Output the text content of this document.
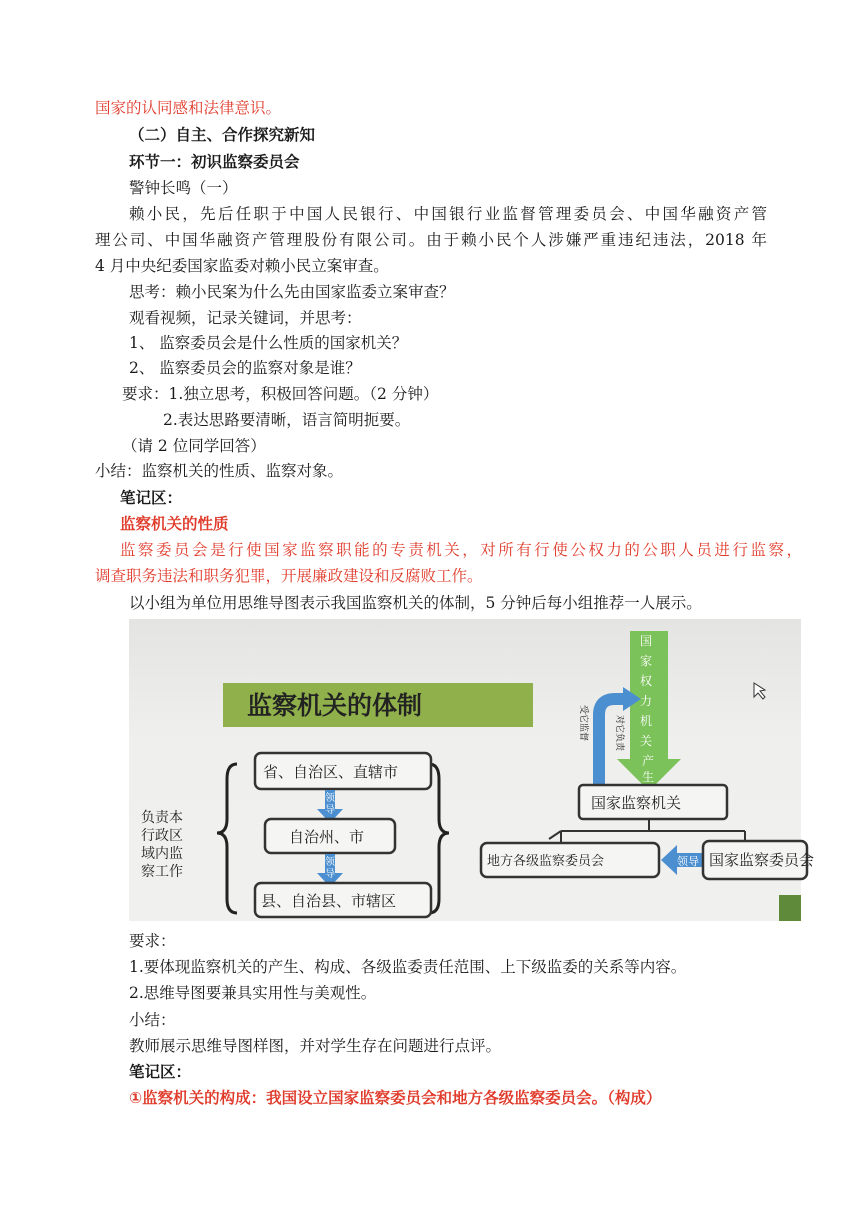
国家的认同感和法律意识。
（二）自主、合作探究新知
环节一：初识监察委员会
警钟长鸣（一）
赖小民，先后任职于中国人民银行、中国银行业监督管理委员会、中国华融资产管
理公司、中国华融资产管理股份有限公司。由于赖小民个人涉嫌严重违纪违法，2018 年
4 月中央纪委国家监委对赖小民立案审查。
思考：赖小民案为什么先由国家监委立案审查？
观看视频，记录关键词，并思考：
1、 监察委员会是什么性质的国家机关？
2、 监察委员会的监察对象是谁？
要求：1.独立思考，积极回答问题。（2 分钟）
2.表达思路要清晰，语言简明扼要。
（请 2 位同学回答）
小结：监察机关的性质、监察对象。
笔记区：
监察机关的性质
监察委员会是行使国家监察职能的专责机关，对所有行使公权力的公职人员进行监察，
调查职务违法和职务犯罪，开展廉政建设和反腐败工作。
以小组为单位用思维导图表示我国监察机关的体制，5 分钟后每小组推荐一人展示。
监察机关的体制
负责本
行政区
域内监
察工作
省、自治区、直辖市
领
导
自治州、市
领
导
县、自治县、市辖区
国
家
权
力
机
关
产
生
对它负责
受它监督
国家监察机关
地方各级监察委员会	领导 国家监察委员会
要求：
1.要体现监察机关的产生、构成、各级监委责任范围、上下级监委的关系等内容。
2.思维导图要兼具实用性与美观性。
小结：
教师展示思维导图样图，并对学生存在问题进行点评。
笔记区：
①监察机关的构成：我国设立国家监察委员会和地方各级监察委员会。（构成）
